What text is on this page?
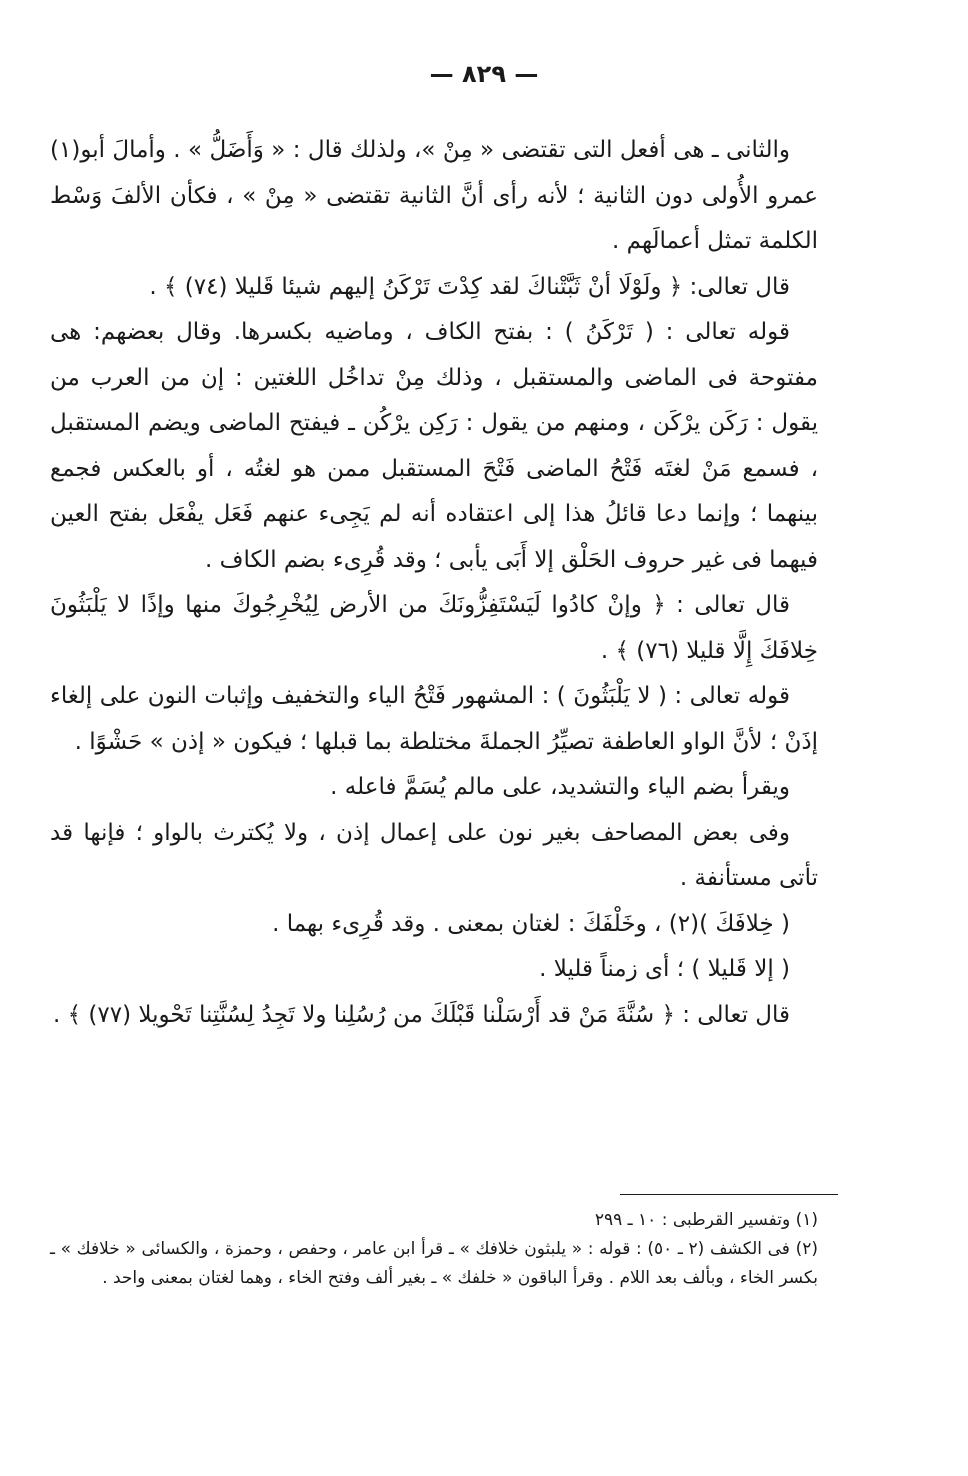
— ٨٢٩ —

والثانى ـ هى أفعل التى تقتضى « مِنْ »، ولذلك قال : « وَأَضَلُّ » . وأمالَ أبو(١) عمرو الأُولى دون الثانية ؛ لأنه رأى أنَّ الثانية تقتضى « مِنْ » ، فكأن الألفَ وَسْط الكلمة تمثل أعمالَهم .

قال تعالى: ﴿ ولَوْلَا أنْ ثَبَّتْناكَ لقد كِدْتَ تَرْكَنُ إليهم شيئا قَليلا (٧٤) ﴾ .

قوله تعالى : ( تَرْكَنُ ) : بفتح الكاف ، وماضيه بكسرها. وقال بعضهم: هى مفتوحة فى الماضى والمستقبل ، وذلك مِنْ تداخُل اللغتين : إن من العرب من يقول : رَكَن يرْكَن ، ومنهم من يقول : رَكِن يرْكُن ـ فيفتح الماضى ويضم المستقبل ، فسمع مَنْ لغتَه فَتْحُ الماضى فَتْحَ المستقبل ممن هو لغتُه ، أو بالعكس فجمع بينهما ؛ وإنما دعا قائلُ هذا إلى اعتقاده أنه لم يَجِىء عنهم فَعَل يفْعَل بفتح العين فيهما فى غير حروف الحَلْق إلا أَبَى يأبى ؛ وقد قُرِىء بضم الكاف .

قال تعالى : ﴿ وإنْ كادُوا لَيَسْتَفِزُّونَكَ من الأرض لِيُخْرِجُوكَ منها وإذًا لا يَلْبَثُونَ خِلافَكَ إِلَّا قليلا (٧٦) ﴾ .

قوله تعالى : ( لا يَلْبَثُونَ ) : المشهور فَتْحُ الياء والتخفيف وإثبات النون على إلغاء إذَنْ ؛ لأنَّ الواو العاطفة تصيِّرُ الجملةَ مختلطة بما قبلها ؛ فيكون « إذن » حَشْوًا .

ويقرأ بضم الياء والتشديد، على مالم يُسَمَّ فاعله .

وفى بعض المصاحف بغير نون على إعمال إذن ، ولا يُكترث بالواو ؛ فإنها قد تأتى مستأنفة .

( خِلافَكَ )(٢) ، وخَلْفَكَ : لغتان بمعنى . وقد قُرِىء بهما .

( إلا قَليلا ) ؛ أى زمناً قليلا .

قال تعالى : ﴿ سُنَّةَ مَنْ قد أَرْسَلْنا قَبْلَكَ من رُسُلِنا ولا تَجِدُ لِسُنَّتِنا تَحْويلا (٧٧) ﴾ .

(١) وتفسير القرطبى : ١٠ ـ ٢٩٩

(٢) فى الكشف (٢ ـ ٥٠) : قوله : « يلبثون خلافك » ـ قرأ ابن عامر ، وحفص ، وحمزة ، والكسائى « خلافك » ـ بكسر الخاء ، وبألف بعد اللام . وقرأ الباقون « خلفك » ـ بغير ألف وفتح الخاء ، وهما لغتان بمعنى واحد .
